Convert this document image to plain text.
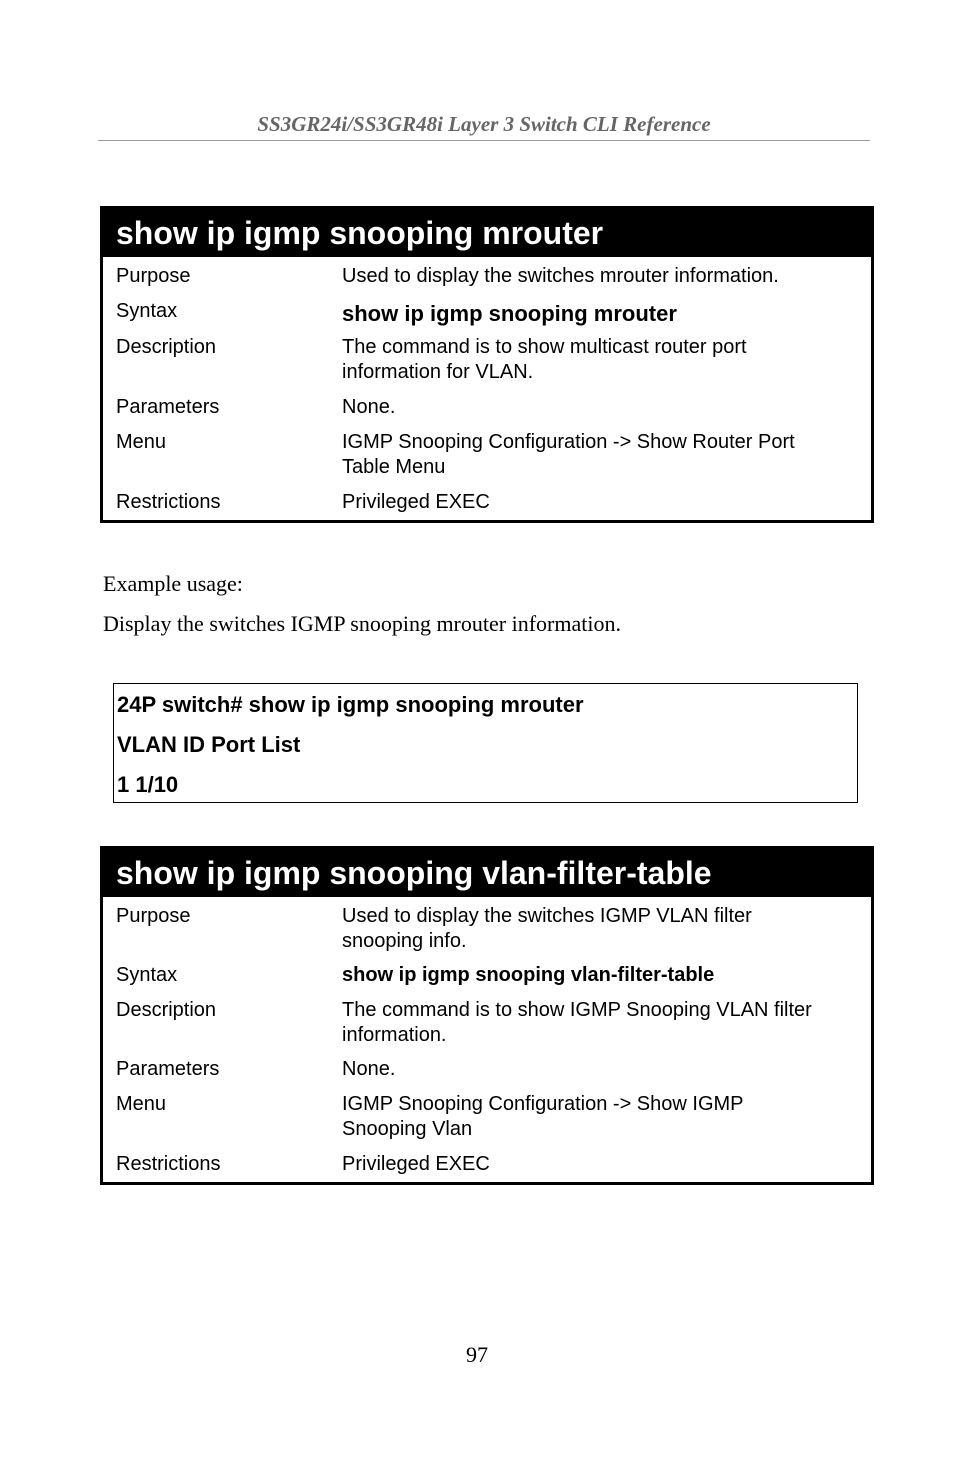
SS3GR24i/SS3GR48i Layer 3 Switch CLI Reference
show ip igmp snooping mrouter
Purpose	Used to display the switches mrouter information.
Syntax	show ip igmp snooping mrouter
Description	The command is to show multicast router port
information for VLAN.
Parameters	None.
Menu	IGMP Snooping Configuration -> Show Router Port
Table Menu
Restrictions	Privileged EXEC
Example usage:
Display the switches IGMP snooping mrouter information.
24P switch# show ip igmp snooping mrouter
VLAN ID Port List
1 1/10
show ip igmp snooping vlan-filter-table
Purpose	Used to display the switches IGMP VLAN filter
snooping info.
Syntax	show ip igmp snooping vlan-filter-table
Description	The command is to show IGMP Snooping VLAN filter
information.
Parameters	None.
Menu	IGMP Snooping Configuration -> Show IGMP
Snooping Vlan
Restrictions	Privileged EXEC
97
